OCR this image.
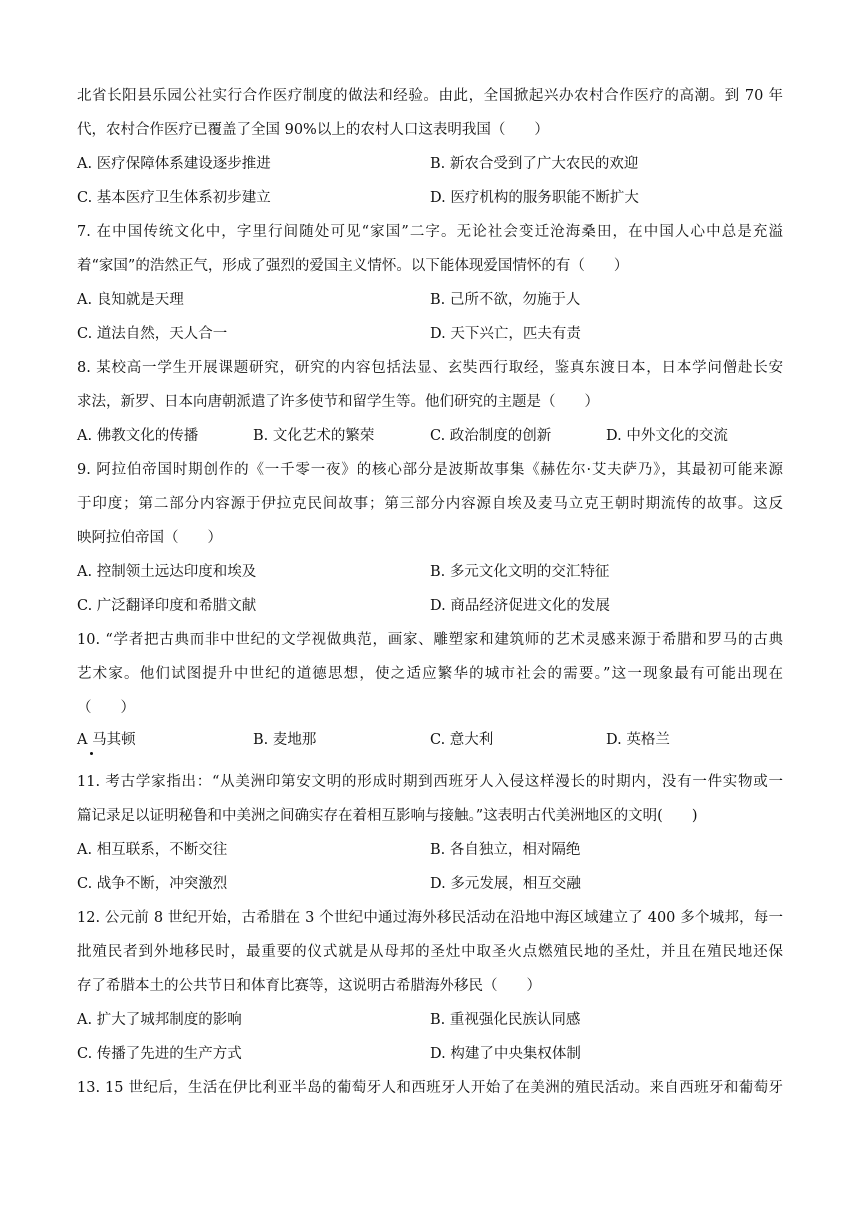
北省长阳县乐园公社实行合作医疗制度的做法和经验。由此，全国掀起兴办农村合作医疗的高潮。到 70 年
代，农村合作医疗已覆盖了全国 90%以上的农村人口这表明我国（　　）
A. 医疗保障体系建设逐步推进	B. 新农合受到了广大农民的欢迎
C. 基本医疗卫生体系初步建立	D. 医疗机构的服务职能不断扩大
7. 在中国传统文化中，字里行间随处可见“家国”二字。无论社会变迁沧海桑田，在中国人心中总是充溢
着“家国”的浩然正气，形成了强烈的爱国主义情怀。以下能体现爱国情怀的有（　　）
A. 良知就是天理	B. 己所不欲，勿施于人
C. 道法自然，天人合一	D. 天下兴亡，匹夫有责
8. 某校高一学生开展课题研究，研究的内容包括法显、玄奘西行取经，鉴真东渡日本，日本学问僧赴长安
求法，新罗、日本向唐朝派遣了许多使节和留学生等。他们研究的主题是（　　）
A. 佛教文化的传播	B. 文化艺术的繁荣	C. 政治制度的创新	D. 中外文化的交流
9. 阿拉伯帝国时期创作的《一千零一夜》的核心部分是波斯故事集《赫佐尔·艾夫萨乃》，其最初可能来源
于印度；第二部分内容源于伊拉克民间故事；第三部分内容源自埃及麦马立克王朝时期流传的故事。这反
映阿拉伯帝国（　　）
A. 控制领土远达印度和埃及	B. 多元文化文明的交汇特征
C. 广泛翻译印度和希腊文献	D. 商品经济促进文化的发展
10. “学者把古典而非中世纪的文学视做典范，画家、雕塑家和建筑师的艺术灵感来源于希腊和罗马的古典
艺术家。他们试图提升中世纪的道德思想，使之适应繁华的城市社会的需要。”这一现象最有可能出现在
（　　）
A 马其顿	B. 麦地那	C. 意大利	D. 英格兰
11. 考古学家指出：“从美洲印第安文明的形成时期到西班牙人入侵这样漫长的时期内，没有一件实物或一
篇记录足以证明秘鲁和中美洲之间确实存在着相互影响与接触。”这表明古代美洲地区的文明(　　)
A. 相互联系，不断交往	B. 各自独立，相对隔绝
C. 战争不断，冲突激烈	D. 多元发展，相互交融
12. 公元前 8 世纪开始，古希腊在 3 个世纪中通过海外移民活动在沿地中海区域建立了 400 多个城邦，每一
批殖民者到外地移民时，最重要的仪式就是从母邦的圣灶中取圣火点燃殖民地的圣灶，并且在殖民地还保
存了希腊本土的公共节日和体育比赛等，这说明古希腊海外移民（　　）
A. 扩大了城邦制度的影响	B. 重视强化民族认同感
C. 传播了先进的生产方式	D. 构建了中央集权体制
13. 15 世纪后，生活在伊比利亚半岛的葡萄牙人和西班牙人开始了在美洲的殖民活动。来自西班牙和葡萄牙
